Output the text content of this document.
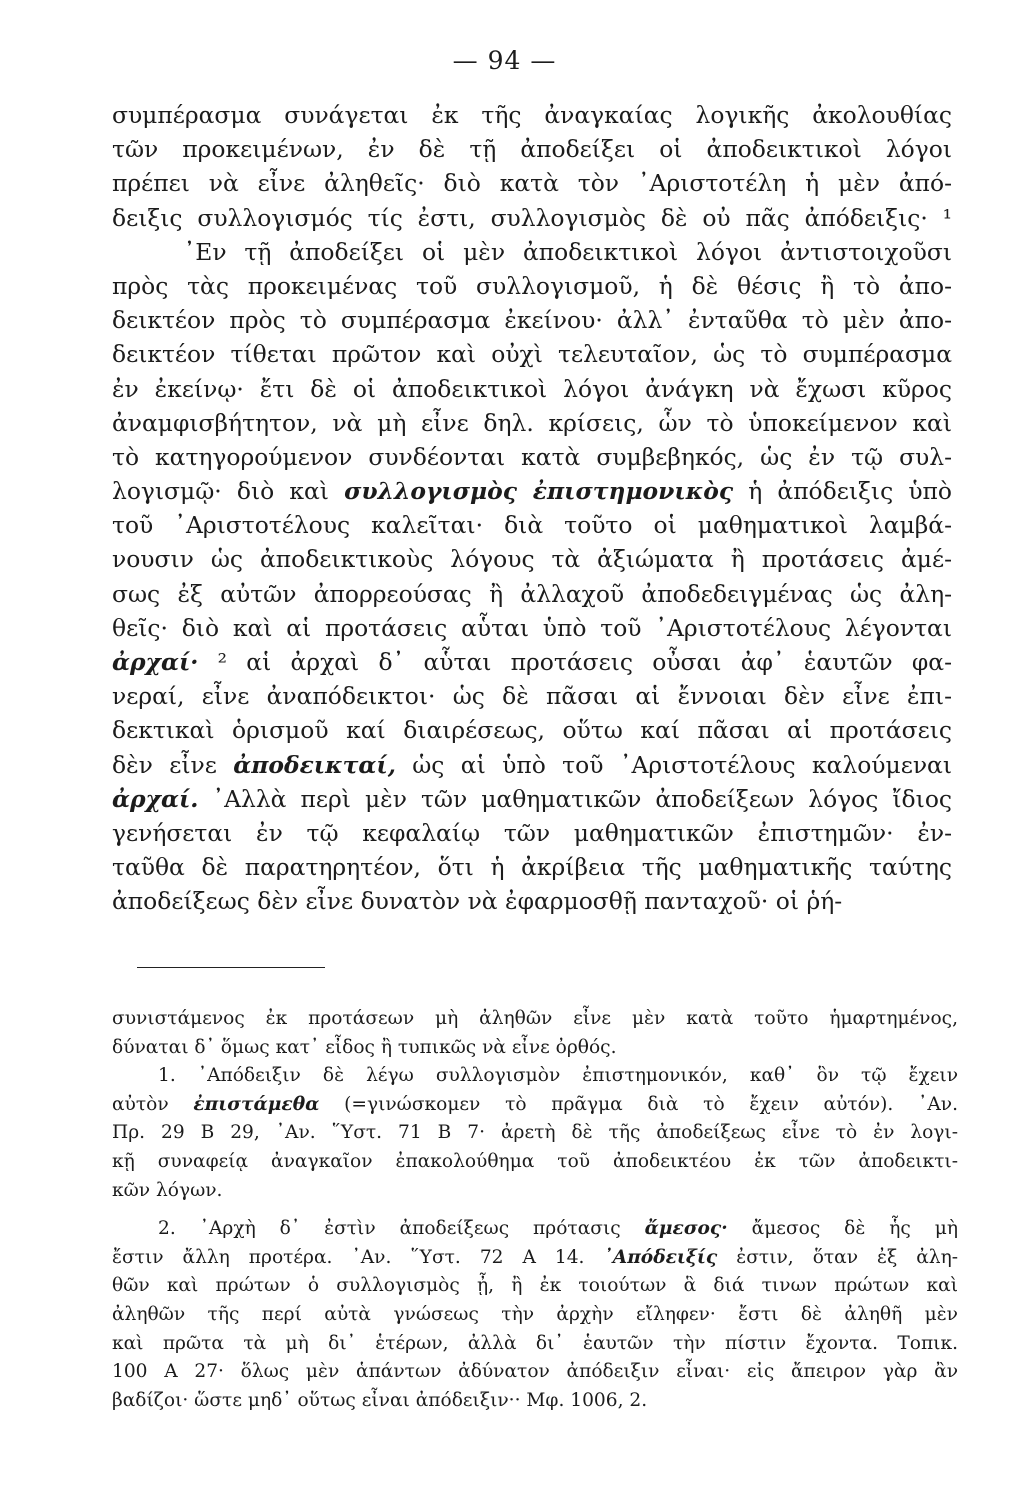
— 94 —
συμπέρασμα συνάγεται ἐκ τῆς ἀναγκαίας λογικῆς ἀκολουθίας
τῶν προκειμένων, ἐν δὲ τῇ ἀποδείξει οἱ ἀποδεικτικοὶ λόγοι
πρέπει νὰ εἶνε ἀληθεῖς· διὸ κατὰ τὸν ᾿Αριστοτέλη ἡ μὲν ἀπό-
δειξις συλλογισμός τίς ἐστι, συλλογισμὸς δὲ οὐ πᾶς ἀπόδειξις· ¹
᾿Εν τῇ ἀποδείξει οἱ μὲν ἀποδεικτικοὶ λόγοι ἀντιστοιχοῦσι
πρὸς τὰς προκειμένας τοῦ συλλογισμοῦ, ἡ δὲ θέσις ἢ τὸ ἀπο-
δεικτέον πρὸς τὸ συμπέρασμα ἐκείνου· ἀλλ᾽ ἐνταῦθα τὸ μὲν ἀπο-
δεικτέον τίθεται πρῶτον καὶ οὐχὶ τελευταῖον, ὡς τὸ συμπέρασμα
ἐν ἐκείνῳ· ἔτι δὲ οἱ ἀποδεικτικοὶ λόγοι ἀνάγκη νὰ ἔχωσι κῦρος
ἀναμφισβήτητον, νὰ μὴ εἶνε δηλ. κρίσεις, ὧν τὸ ὑποκείμενον καὶ
τὸ κατηγορούμενον συνδέονται κατὰ συμβεβηκός, ὡς ἐν τῷ συλ-
λογισμῷ· διὸ καὶ συλλογισμὸς ἐπιστημονικὸς ἡ ἀπόδειξις ὑπὸ
τοῦ ᾿Αριστοτέλους καλεῖται· διὰ τοῦτο οἱ μαθηματικοὶ λαμβά-
νουσιν ὡς ἀποδεικτικοὺς λόγους τὰ ἀξιώματα ἢ προτάσεις ἀμέ-
σως ἐξ αὐτῶν ἀπορρεούσας ἢ ἀλλαχοῦ ἀποδεδειγμένας ὡς ἀλη-
θεῖς· διὸ καὶ αἱ προτάσεις αὗται ὑπὸ τοῦ ᾿Αριστοτέλους λέγονται
ἀρχαί· ² αἱ ἀρχαὶ δ᾽ αὗται προτάσεις οὖσαι ἀφ᾽ ἑαυτῶν φα-
νεραί, εἶνε ἀναπόδεικτοι· ὡς δὲ πᾶσαι αἱ ἔννοιαι δὲν εἶνε ἐπι-
δεκτικαὶ ὁρισμοῦ καί διαιρέσεως, οὕτω καί πᾶσαι αἱ προτάσεις
δὲν εἶνε ἀποδεικταί, ὡς αἱ ὑπὸ τοῦ ᾿Αριστοτέλους καλούμεναι
ἀρχαί. ᾿Αλλὰ περὶ μὲν τῶν μαθηματικῶν ἀποδείξεων λόγος ἴδιος
γενήσεται ἐν τῷ κεφαλαίῳ τῶν μαθηματικῶν ἐπιστημῶν· ἐν-
ταῦθα δὲ παρατηρητέον, ὅτι ἡ ἀκρίβεια τῆς μαθηματικῆς ταύτης
ἀποδείξεως δὲν εἶνε δυνατὸν νὰ ἐφαρμοσθῇ πανταχοῦ· οἱ ῥή-
συνιστάμενος ἐκ προτάσεων μὴ ἀληθῶν εἶνε μὲν κατὰ τοῦτο ἡμαρτημένος,
δύναται δ᾽ ὅμως κατ᾽ εἶδος ἢ τυπικῶς νὰ εἶνε ὀρθός.
1. ᾿Απόδειξιν δὲ λέγω συλλογισμὸν ἐπιστημονικόν, καθ᾽ ὃν τῷ ἔχειν
αὐτὸν ἐπιστάμεθα (=γινώσκομεν τὸ πρᾶγμα διὰ τὸ ἔχειν αὐτόν). ᾿Αν.
Πρ. 29 Β 29, ᾿Αν. ῞Υστ. 71 Β 7· ἀρετὴ δὲ τῆς ἀποδείξεως εἶνε τὸ ἐν λογι-
κῇ συναφείᾳ ἀναγκαῖον ἐπακολούθημα τοῦ ἀποδεικτέου ἐκ τῶν ἀποδεικτι-
κῶν λόγων.
2. ᾿Αρχὴ δ᾽ ἐστὶν ἀποδείξεως πρότασις ἄμεσος· ἄμεσος δὲ ἧς μὴ
ἔστιν ἄλλη προτέρα. ᾿Αν. ῞Υστ. 72 Α 14. ᾿Απόδειξίς ἐστιν, ὅταν ἐξ ἀλη-
θῶν καὶ πρώτων ὁ συλλογισμὸς ᾖ, ἢ ἐκ τοιούτων ἃ διά τινων πρώτων καὶ
ἀληθῶν τῆς περί αὐτὰ γνώσεως τὴν ἀρχὴν εἴληφεν· ἔστι δὲ ἀληθῆ μὲν
καὶ πρῶτα τὰ μὴ δι᾽ ἑτέρων, ἀλλὰ δι᾽ ἑαυτῶν τὴν πίστιν ἔχοντα. Τοπικ.
100 Α 27· ὅλως μὲν ἁπάντων ἀδύνατον ἀπόδειξιν εἶναι· εἰς ἄπειρον γὰρ ἂν
βαδίζοι· ὥστε μηδ᾽ οὕτως εἶναι ἀπόδειξιν·· Μφ. 1006, 2.
